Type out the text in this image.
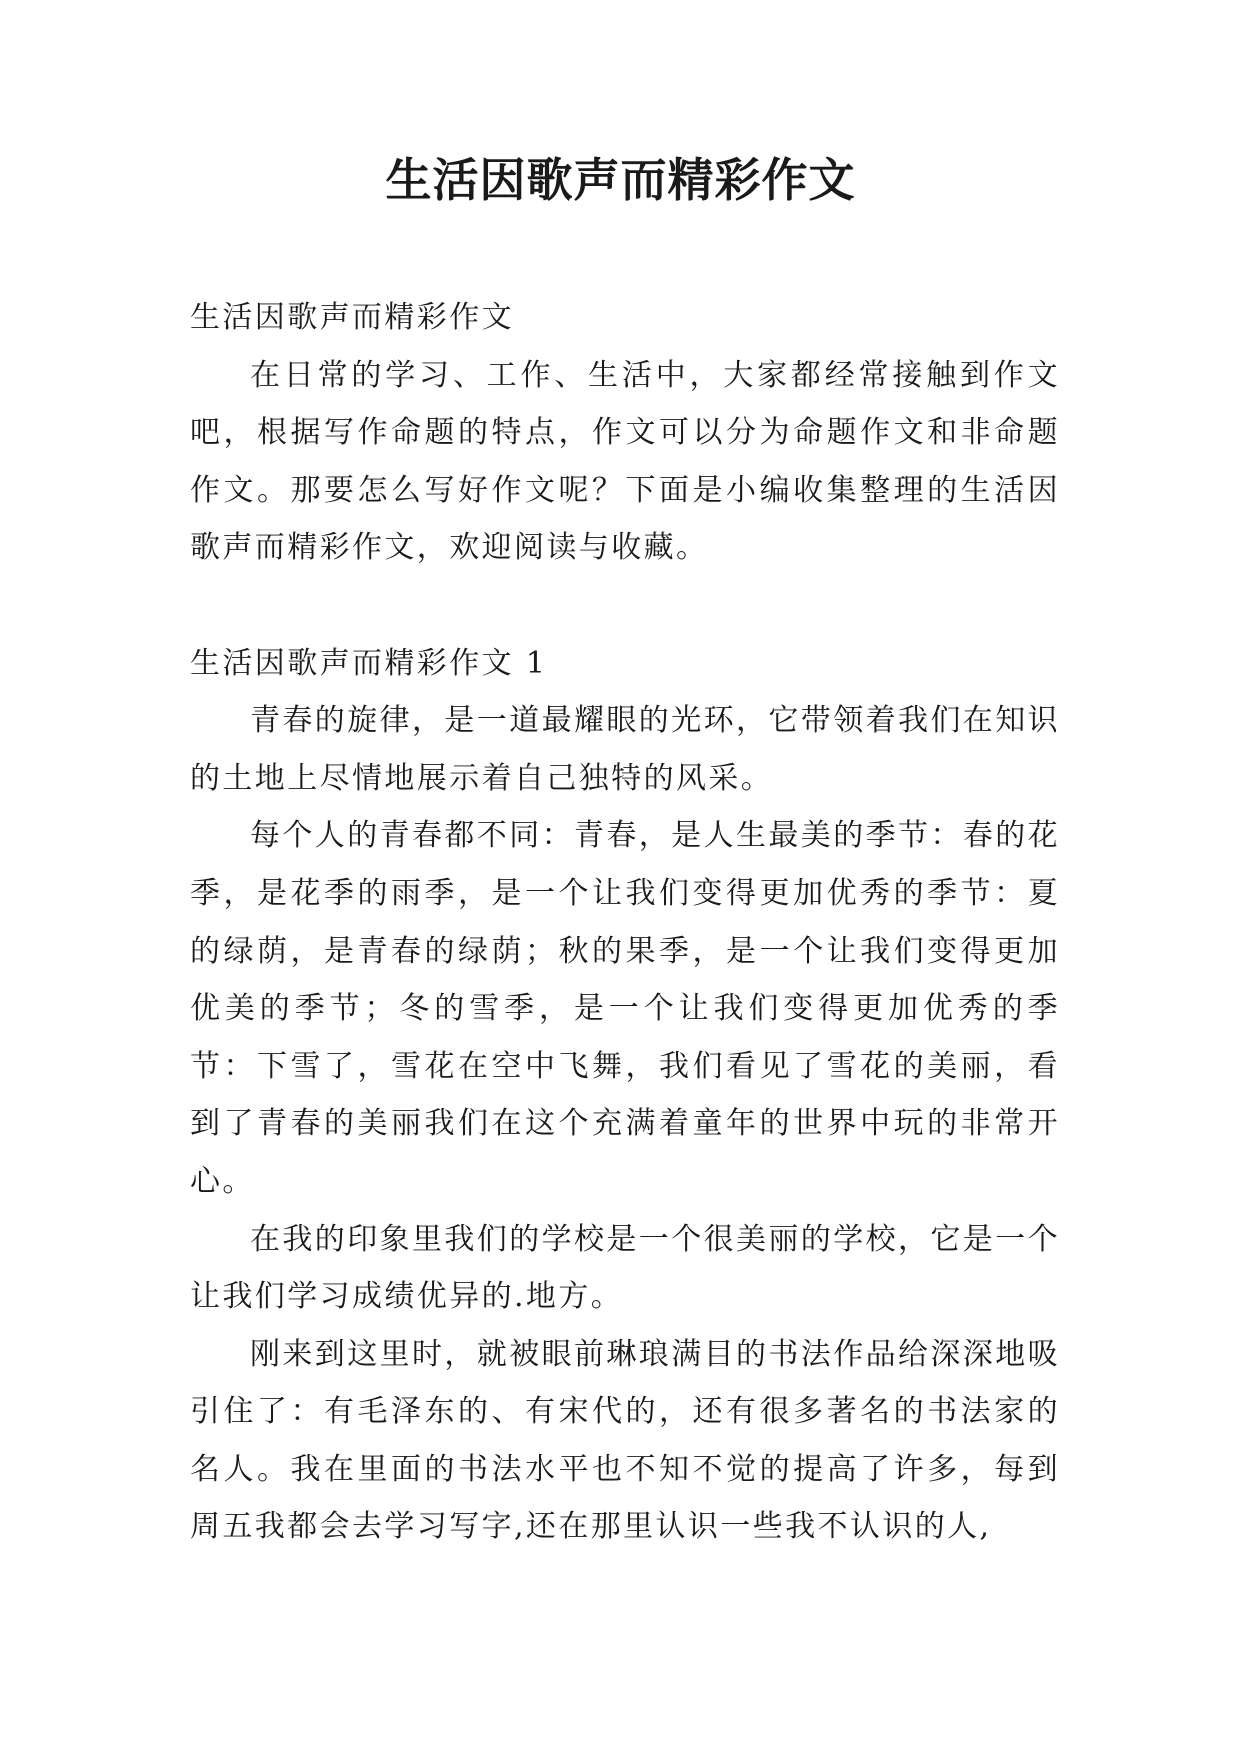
生活因歌声而精彩作文

生活因歌声而精彩作文

在日常的学习、工作、生活中，大家都经常接触到作文吧，根据写作命题的特点，作文可以分为命题作文和非命题作文。那要怎么写好作文呢？下面是小编收集整理的生活因歌声而精彩作文，欢迎阅读与收藏。

生活因歌声而精彩作文 1

青春的旋律，是一道最耀眼的光环，它带领着我们在知识的土地上尽情地展示着自己独特的风采。

每个人的青春都不同：青春，是人生最美的季节：春的花季，是花季的雨季，是一个让我们变得更加优秀的季节：夏的绿荫，是青春的绿荫；秋的果季，是一个让我们变得更加优美的季节；冬的雪季，是一个让我们变得更加优秀的季节：下雪了，雪花在空中飞舞，我们看见了雪花的美丽，看到了青春的美丽我们在这个充满着童年的世界中玩的非常开心。

在我的印象里我们的学校是一个很美丽的学校，它是一个让我们学习成绩优异的.地方。

刚来到这里时，就被眼前琳琅满目的书法作品给深深地吸引住了：有毛泽东的、有宋代的，还有很多著名的书法家的名人。我在里面的书法水平也不知不觉的提高了许多，每到周五我都会去学习写字,还在那里认识一些我不认识的人,
